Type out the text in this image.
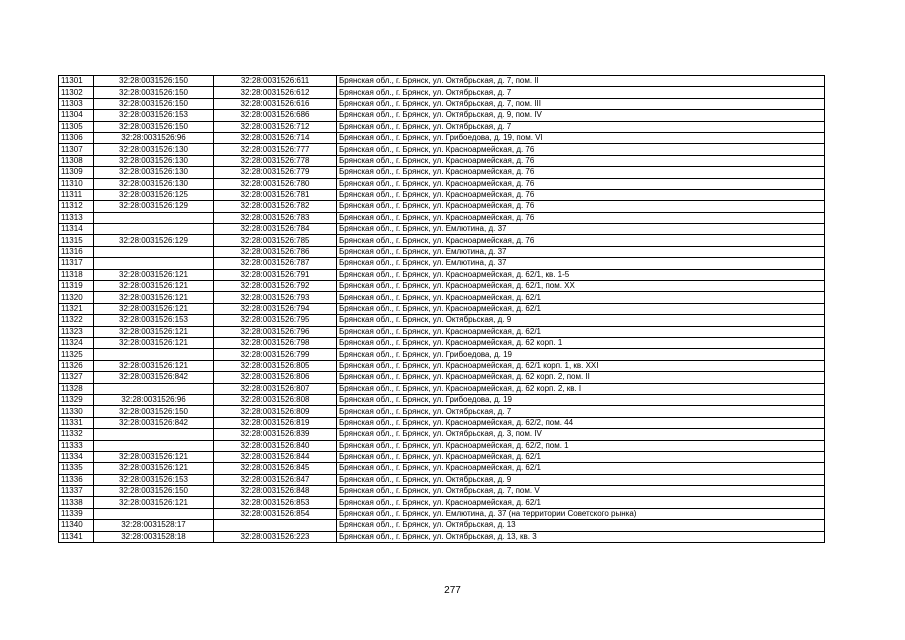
11301	32:28:0031526:150	32:28:0031526:611	Брянская обл., г. Брянск, ул. Октябрьская, д. 7, пом. II
11302	32:28:0031526:150	32:28:0031526:612	Брянская обл., г. Брянск, ул. Октябрьская, д. 7
11303	32:28:0031526:150	32:28:0031526:616	Брянская обл., г. Брянск, ул. Октябрьская, д. 7, пом. III
11304	32:28:0031526:153	32:28:0031526:686	Брянская обл., г. Брянск, ул. Октябрьская, д. 9, пом. IV
11305	32:28:0031526:150	32:28:0031526:712	Брянская обл., г. Брянск, ул. Октябрьская, д. 7
11306	32:28:0031526:96	32:28:0031526:714	Брянская обл., г. Брянск, ул. Грибоедова, д. 19, пом. VI
11307	32:28:0031526:130	32:28:0031526:777	Брянская обл., г. Брянск, ул. Красноармейская, д. 76
11308	32:28:0031526:130	32:28:0031526:778	Брянская обл., г. Брянск, ул. Красноармейская, д. 76
11309	32:28:0031526:130	32:28:0031526:779	Брянская обл., г. Брянск, ул. Красноармейская, д. 76
11310	32:28:0031526:130	32:28:0031526:780	Брянская обл., г. Брянск, ул. Красноармейская, д. 76
11311	32:28:0031526:125	32:28:0031526:781	Брянская обл., г. Брянск, ул. Красноармейская, д. 76
11312	32:28:0031526:129	32:28:0031526:782	Брянская обл., г. Брянск, ул. Красноармейская, д. 76
11313		32:28:0031526:783	Брянская обл., г. Брянск, ул. Красноармейская, д. 76
11314		32:28:0031526:784	Брянская обл., г. Брянск, ул. Емлютина, д. 37
11315	32:28:0031526:129	32:28:0031526:785	Брянская обл., г. Брянск, ул. Красноармейская, д. 76
11316		32:28:0031526:786	Брянская обл., г. Брянск, ул. Емлютина, д. 37
11317		32:28:0031526:787	Брянская обл., г. Брянск, ул. Емлютина, д. 37
11318	32:28:0031526:121	32:28:0031526:791	Брянская обл., г. Брянск, ул. Красноармейская, д. 62/1, кв. 1-5
11319	32:28:0031526:121	32:28:0031526:792	Брянская обл., г. Брянск, ул. Красноармейская, д. 62/1, пом. XX
11320	32:28:0031526:121	32:28:0031526:793	Брянская обл., г. Брянск, ул. Красноармейская, д. 62/1
11321	32:28:0031526:121	32:28:0031526:794	Брянская обл., г. Брянск, ул. Красноармейская, д. 62/1
11322	32:28:0031526:153	32:28:0031526:795	Брянская обл., г. Брянск, ул. Октябрьская, д. 9
11323	32:28:0031526:121	32:28:0031526:796	Брянская обл., г. Брянск, ул. Красноармейская, д. 62/1
11324	32:28:0031526:121	32:28:0031526:798	Брянская обл., г. Брянск, ул. Красноармейская, д. 62 корп. 1
11325		32:28:0031526:799	Брянская обл., г. Брянск, ул. Грибоедова, д. 19
11326	32:28:0031526:121	32:28:0031526:805	Брянская обл., г. Брянск, ул. Красноармейская, д. 62/1 корп. 1, кв. XXI
11327	32:28:0031526:842	32:28:0031526:806	Брянская обл., г. Брянск, ул. Красноармейская, д. 62 корп. 2, пом. II
11328		32:28:0031526:807	Брянская обл., г. Брянск, ул. Красноармейская, д. 62 корп. 2, кв. I
11329	32:28:0031526:96	32:28:0031526:808	Брянская обл., г. Брянск, ул. Грибоедова, д. 19
11330	32:28:0031526:150	32:28:0031526:809	Брянская обл., г. Брянск, ул. Октябрьская, д. 7
11331	32:28:0031526:842	32:28:0031526:819	Брянская обл., г. Брянск, ул. Красноармейская, д. 62/2, пом. 44
11332		32:28:0031526:839	Брянская обл., г. Брянск, ул. Октябрьская, д. 3, пом. IV
11333		32:28:0031526:840	Брянская обл., г. Брянск, ул. Красноармейская, д. 62/2, пом. 1
11334	32:28:0031526:121	32:28:0031526:844	Брянская обл., г. Брянск, ул. Красноармейская, д. 62/1
11335	32:28:0031526:121	32:28:0031526:845	Брянская обл., г. Брянск, ул. Красноармейская, д. 62/1
11336	32:28:0031526:153	32:28:0031526:847	Брянская обл., г. Брянск, ул. Октябрьская, д. 9
11337	32:28:0031526:150	32:28:0031526:848	Брянская обл., г. Брянск, ул. Октябрьская, д. 7, пом. V
11338	32:28:0031526:121	32:28:0031526:853	Брянская обл., г. Брянск, ул. Красноармейская, д. 62/1
11339		32:28:0031526:854	Брянская обл., г. Брянск, ул. Емлютина, д. 37 (на территории Советского рынка)
11340	32:28:0031528:17		Брянская обл., г. Брянск, ул. Октябрьская, д. 13
11341	32:28:0031528:18	32:28:0031526:223	Брянская обл., г. Брянск, ул. Октябрьская, д. 13, кв. 3
277
